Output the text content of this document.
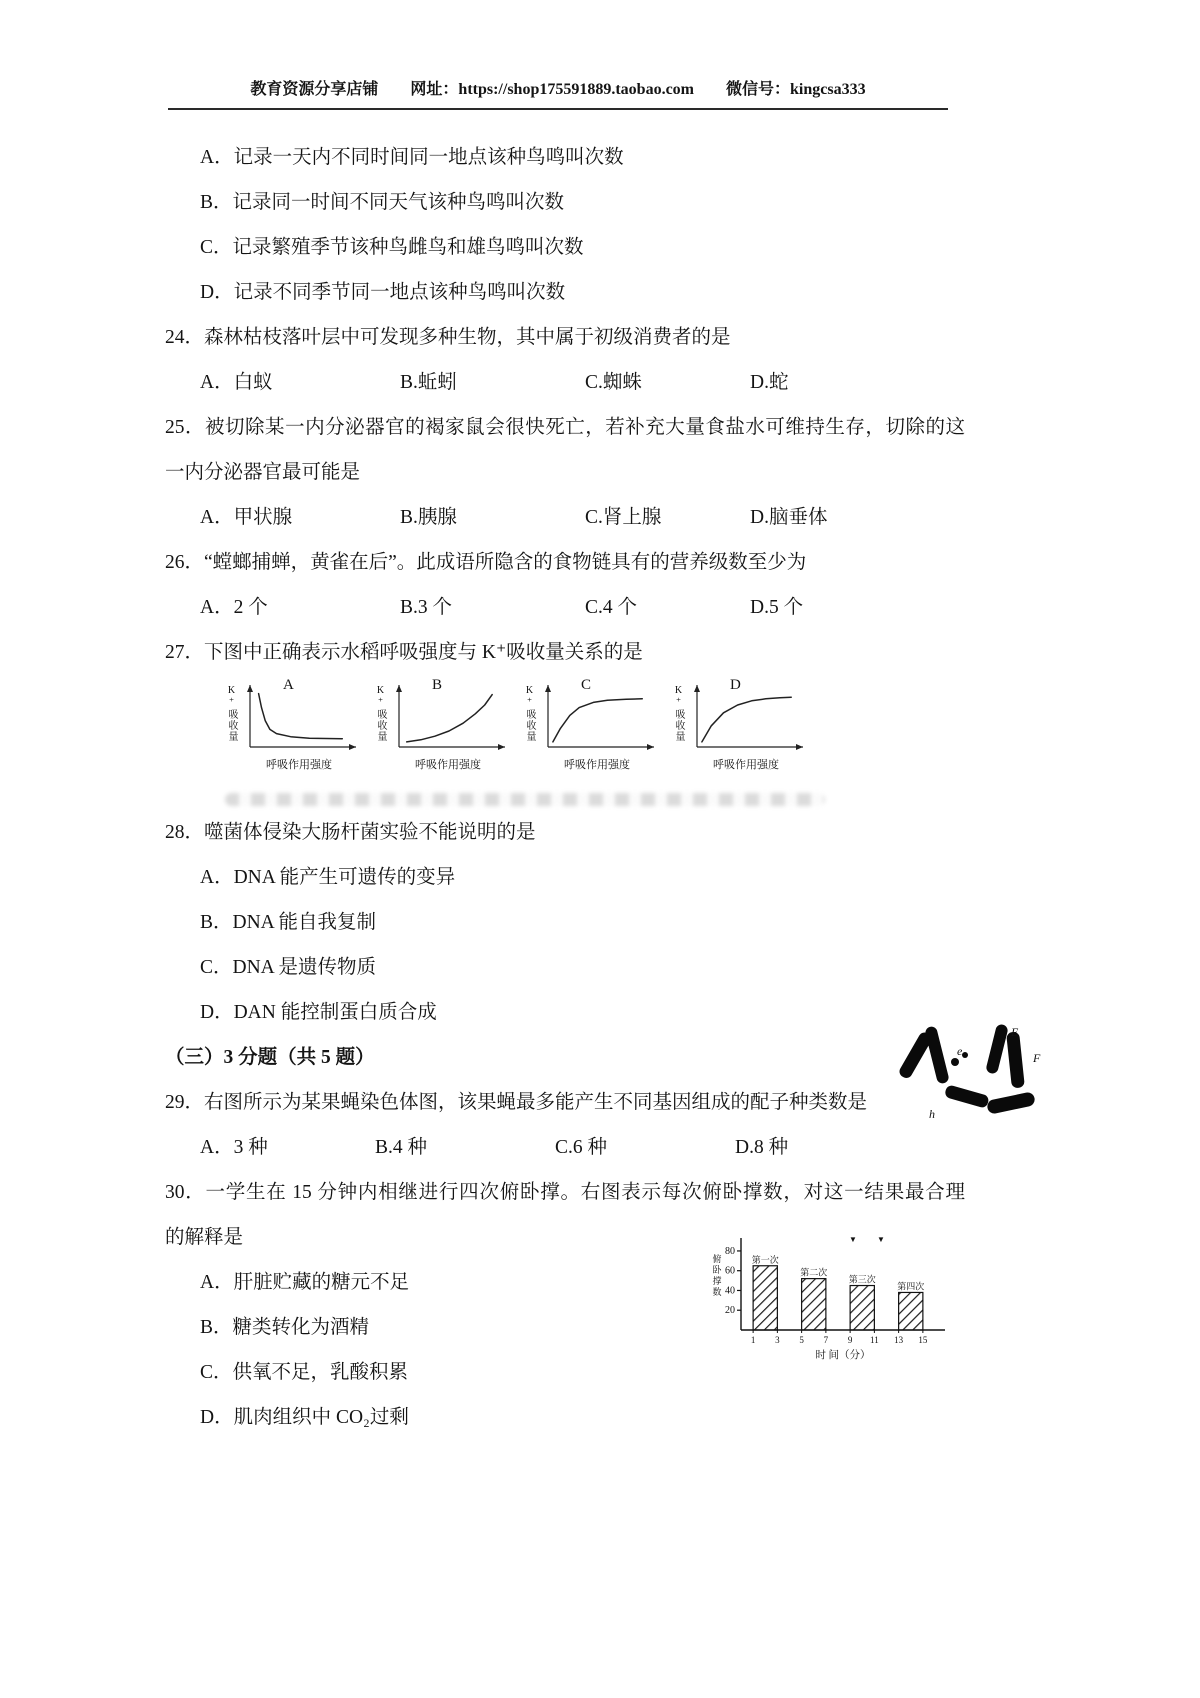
教育资源分享店铺 网址：https://shop175591889.taobao.com 微信号：kingcsa333
A．记录一天内不同时间同一地点该种鸟鸣叫次数
B．记录同一时间不同天气该种鸟鸣叫次数
C．记录繁殖季节该种鸟雌鸟和雄鸟鸣叫次数
D．记录不同季节同一地点该种鸟鸣叫次数
24．森林枯枝落叶层中可发现多种生物，其中属于初级消费者的是
A．白蚁	B.蚯蚓	C.蜘蛛	D.蛇
25．被切除某一内分泌器官的褐家鼠会很快死亡，若补充大量食盐水可维持生存，切除的这
一内分泌器官最可能是
A．甲状腺	B.胰腺	C.肾上腺	D.脑垂体
26．“螳螂捕蝉，黄雀在后”。此成语所隐含的食物链具有的营养级数至少为
A．2 个	B.3 个	C.4 个	D.5 个
27．下图中正确表示水稻呼吸强度与 K⁺吸收量关系的是
A
K⁺吸收量
呼吸作用强度
B
K⁺吸收量
呼吸作用强度
C
K⁺吸收量
呼吸作用强度
D
K⁺吸收量
呼吸作用强度
28．噬菌体侵染大肠杆菌实验不能说明的是
A．DNA 能产生可遗传的变异
B．DNA 能自我复制
C．DNA 是遗传物质
D．DAN 能控制蛋白质合成
（三）3 分题（共 5 题）
29．右图所示为某果蝇染色体图，该果蝇最多能产生不同基因组成的配子种类数是
A．3 种	B.4 种	C.6 种	D.8 种
30．一学生在 15 分钟内相继进行四次俯卧撑。右图表示每次俯卧撑数，对这一结果最合理
的解释是
A．肝脏贮藏的糖元不足
B．糖类转化为酒精
C．供氧不足，乳酸积累
D．肌肉组织中 CO₂过剩
e
E
F
h
20
40
60
80
1 3 5 7 9 11 13 15
第一次
第二次
第三次
第四次
俯
卧
撑
数
时 间（分）
▼	▼
